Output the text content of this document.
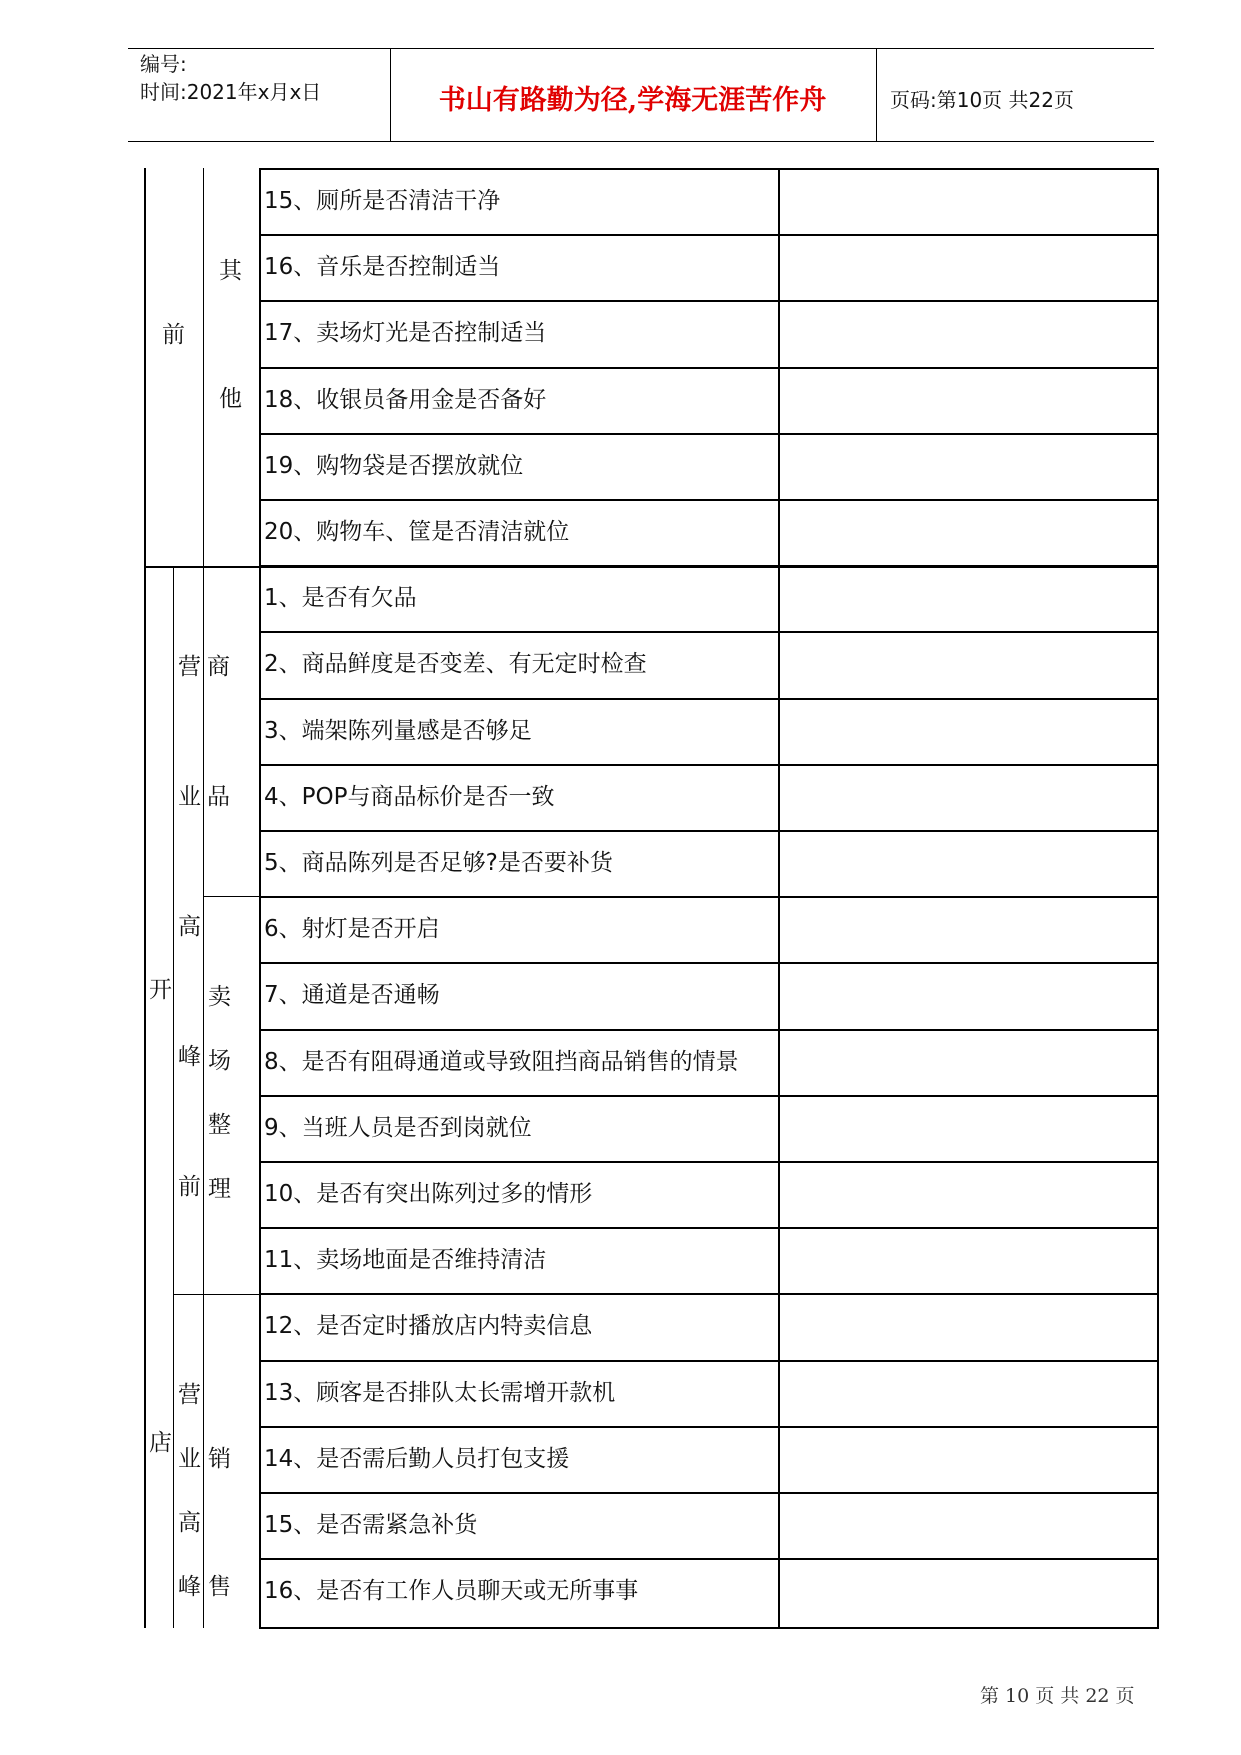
编号:
时间:2021年x月x日	书山有路勤为径,学海无涯苦作舟	页码:第10页 共22页
前
其
他
开
店
营
业
高
峰
前
营
业
高
峰
商
品
卖
场
整
理
销
售
15、厕所是否清洁干净
16、音乐是否控制适当
17、卖场灯光是否控制适当
18、收银员备用金是否备好
19、购物袋是否摆放就位
20、购物车、筐是否清洁就位
1、是否有欠品
2、商品鲜度是否变差、有无定时检查
3、端架陈列量感是否够足
4、POP与商品标价是否一致
5、商品陈列是否足够?是否要补货
6、射灯是否开启
7、通道是否通畅
8、是否有阻碍通道或导致阻挡商品销售的情景
9、当班人员是否到岗就位
10、是否有突出陈列过多的情形
11、卖场地面是否维持清洁
12、是否定时播放店内特卖信息
13、顾客是否排队太长需增开款机
14、是否需后勤人员打包支援
15、是否需紧急补货
16、是否有工作人员聊天或无所事事
第 10 页 共 22 页
